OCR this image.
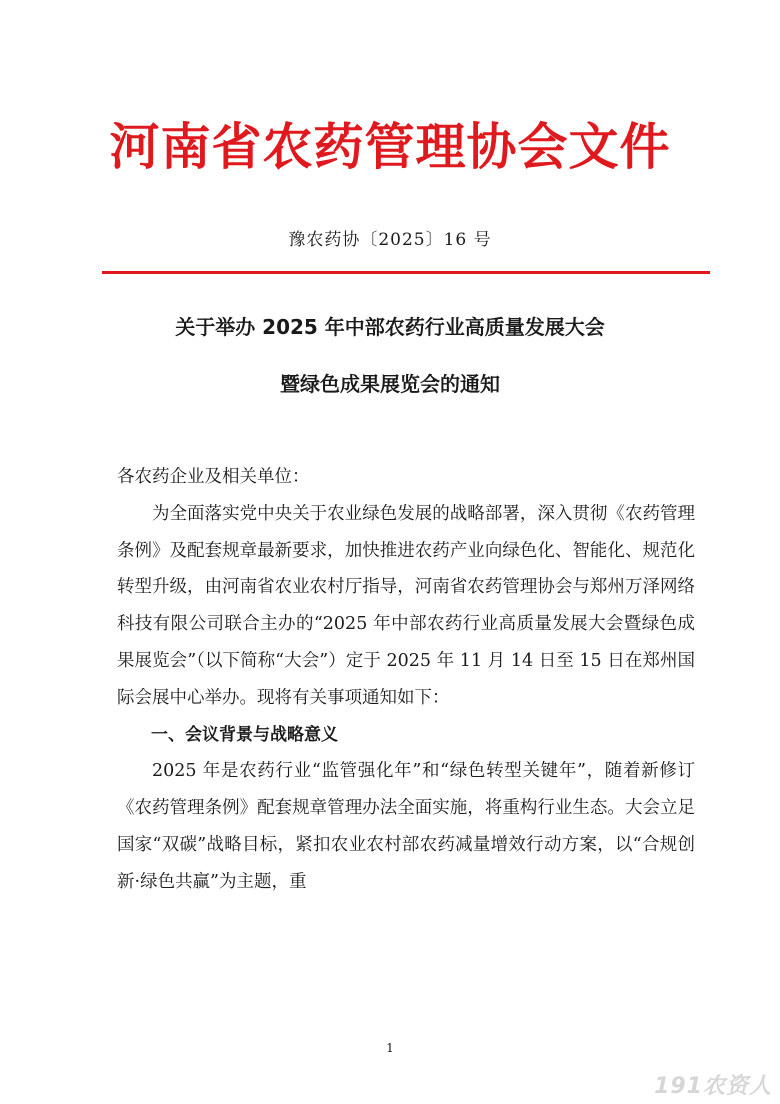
河南省农药管理协会文件
豫农药协〔2025〕16 号
关于举办 2025 年中部农药行业高质量发展大会
暨绿色成果展览会的通知

各农药企业及相关单位：

为全面落实党中央关于农业绿色发展的战略部署，深入贯彻《农药管理条例》及配套规章最新要求，加快推进农药产业向绿色化、智能化、规范化转型升级，由河南省农业农村厅指导，河南省农药管理协会与郑州万泽网络科技有限公司联合主办的“2025 年中部农药行业高质量发展大会暨绿色成果展览会”（以下简称“大会”）定于 2025 年 11 月 14 日至 15 日在郑州国际会展中心举办。现将有关事项通知如下：

一、会议背景与战略意义

2025 年是农药行业“监管强化年”和“绿色转型关键年”，随着新修订《农药管理条例》配套规章管理办法全面实施，将重构行业生态。大会立足国家“双碳”战略目标，紧扣农业农村部农药减量增效行动方案，以“合规创新·绿色共赢”为主题，重

1
191农资人
